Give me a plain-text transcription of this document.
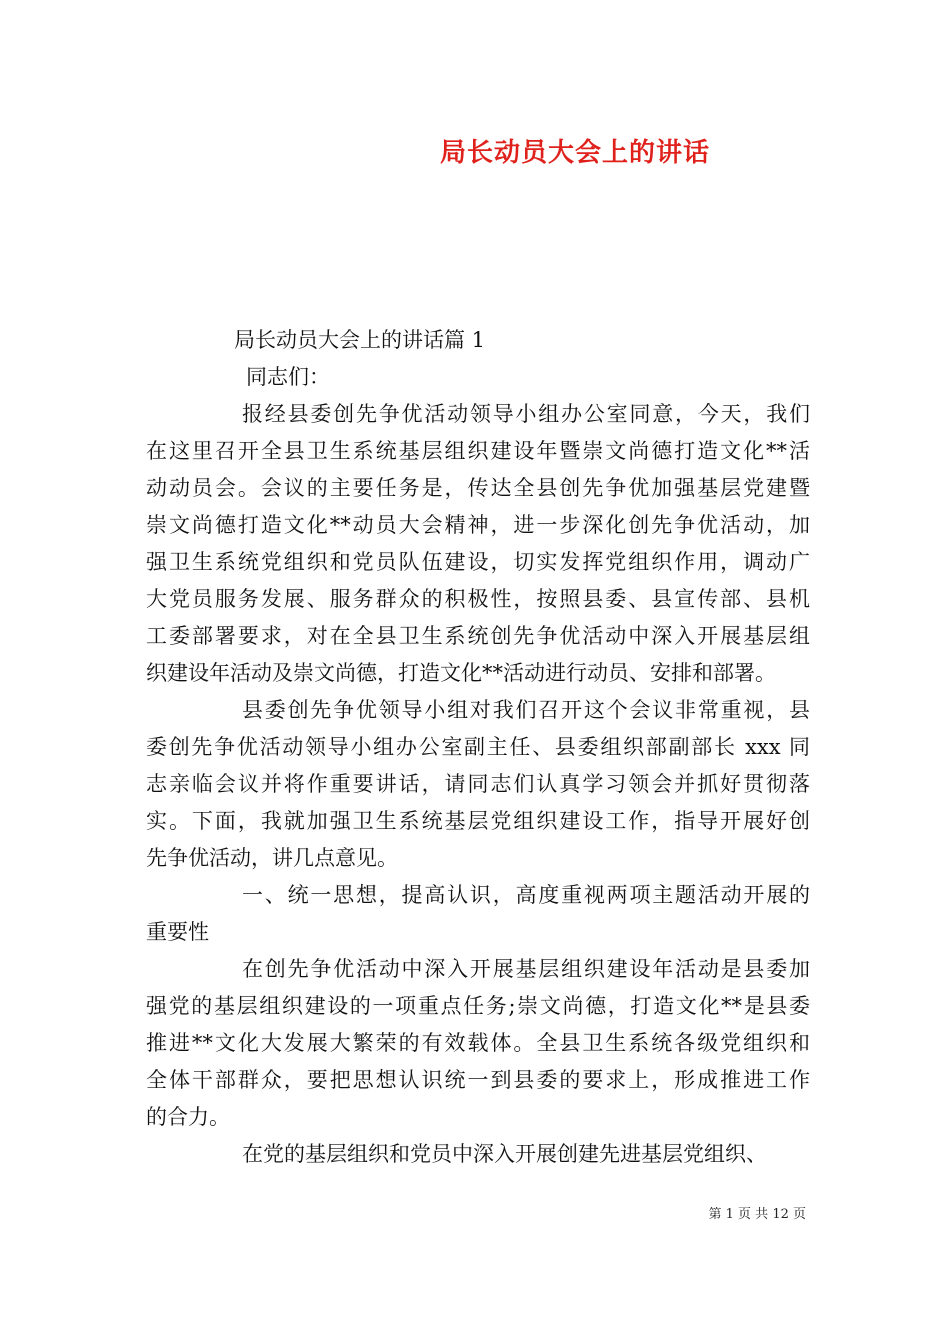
局长动员大会上的讲话
局长动员大会上的讲话篇 1
同志们：
报经县委创先争优活动领导小组办公室同意，今天，我们
在这里召开全县卫生系统基层组织建设年暨崇文尚德打造文化**活
动动员会。会议的主要任务是，传达全县创先争优加强基层党建暨
崇文尚德打造文化**动员大会精神，进一步深化创先争优活动，加
强卫生系统党组织和党员队伍建设，切实发挥党组织作用，调动广
大党员服务发展、服务群众的积极性，按照县委、县宣传部、县机
工委部署要求，对在全县卫生系统创先争优活动中深入开展基层组
织建设年活动及崇文尚德，打造文化**活动进行动员、安排和部署。
县委创先争优领导小组对我们召开这个会议非常重视，县
委创先争优活动领导小组办公室副主任、县委组织部副部长 xxx 同
志亲临会议并将作重要讲话，请同志们认真学习领会并抓好贯彻落
实。下面，我就加强卫生系统基层党组织建设工作，指导开展好创
先争优活动，讲几点意见。
一、统一思想，提高认识，高度重视两项主题活动开展的
重要性
在创先争优活动中深入开展基层组织建设年活动是县委加
强党的基层组织建设的一项重点任务;崇文尚德，打造文化**是县委
推进**文化大发展大繁荣的有效载体。全县卫生系统各级党组织和
全体干部群众，要把思想认识统一到县委的要求上，形成推进工作
的合力。
在党的基层组织和党员中深入开展创建先进基层党组织、
第 1 页 共 12 页
